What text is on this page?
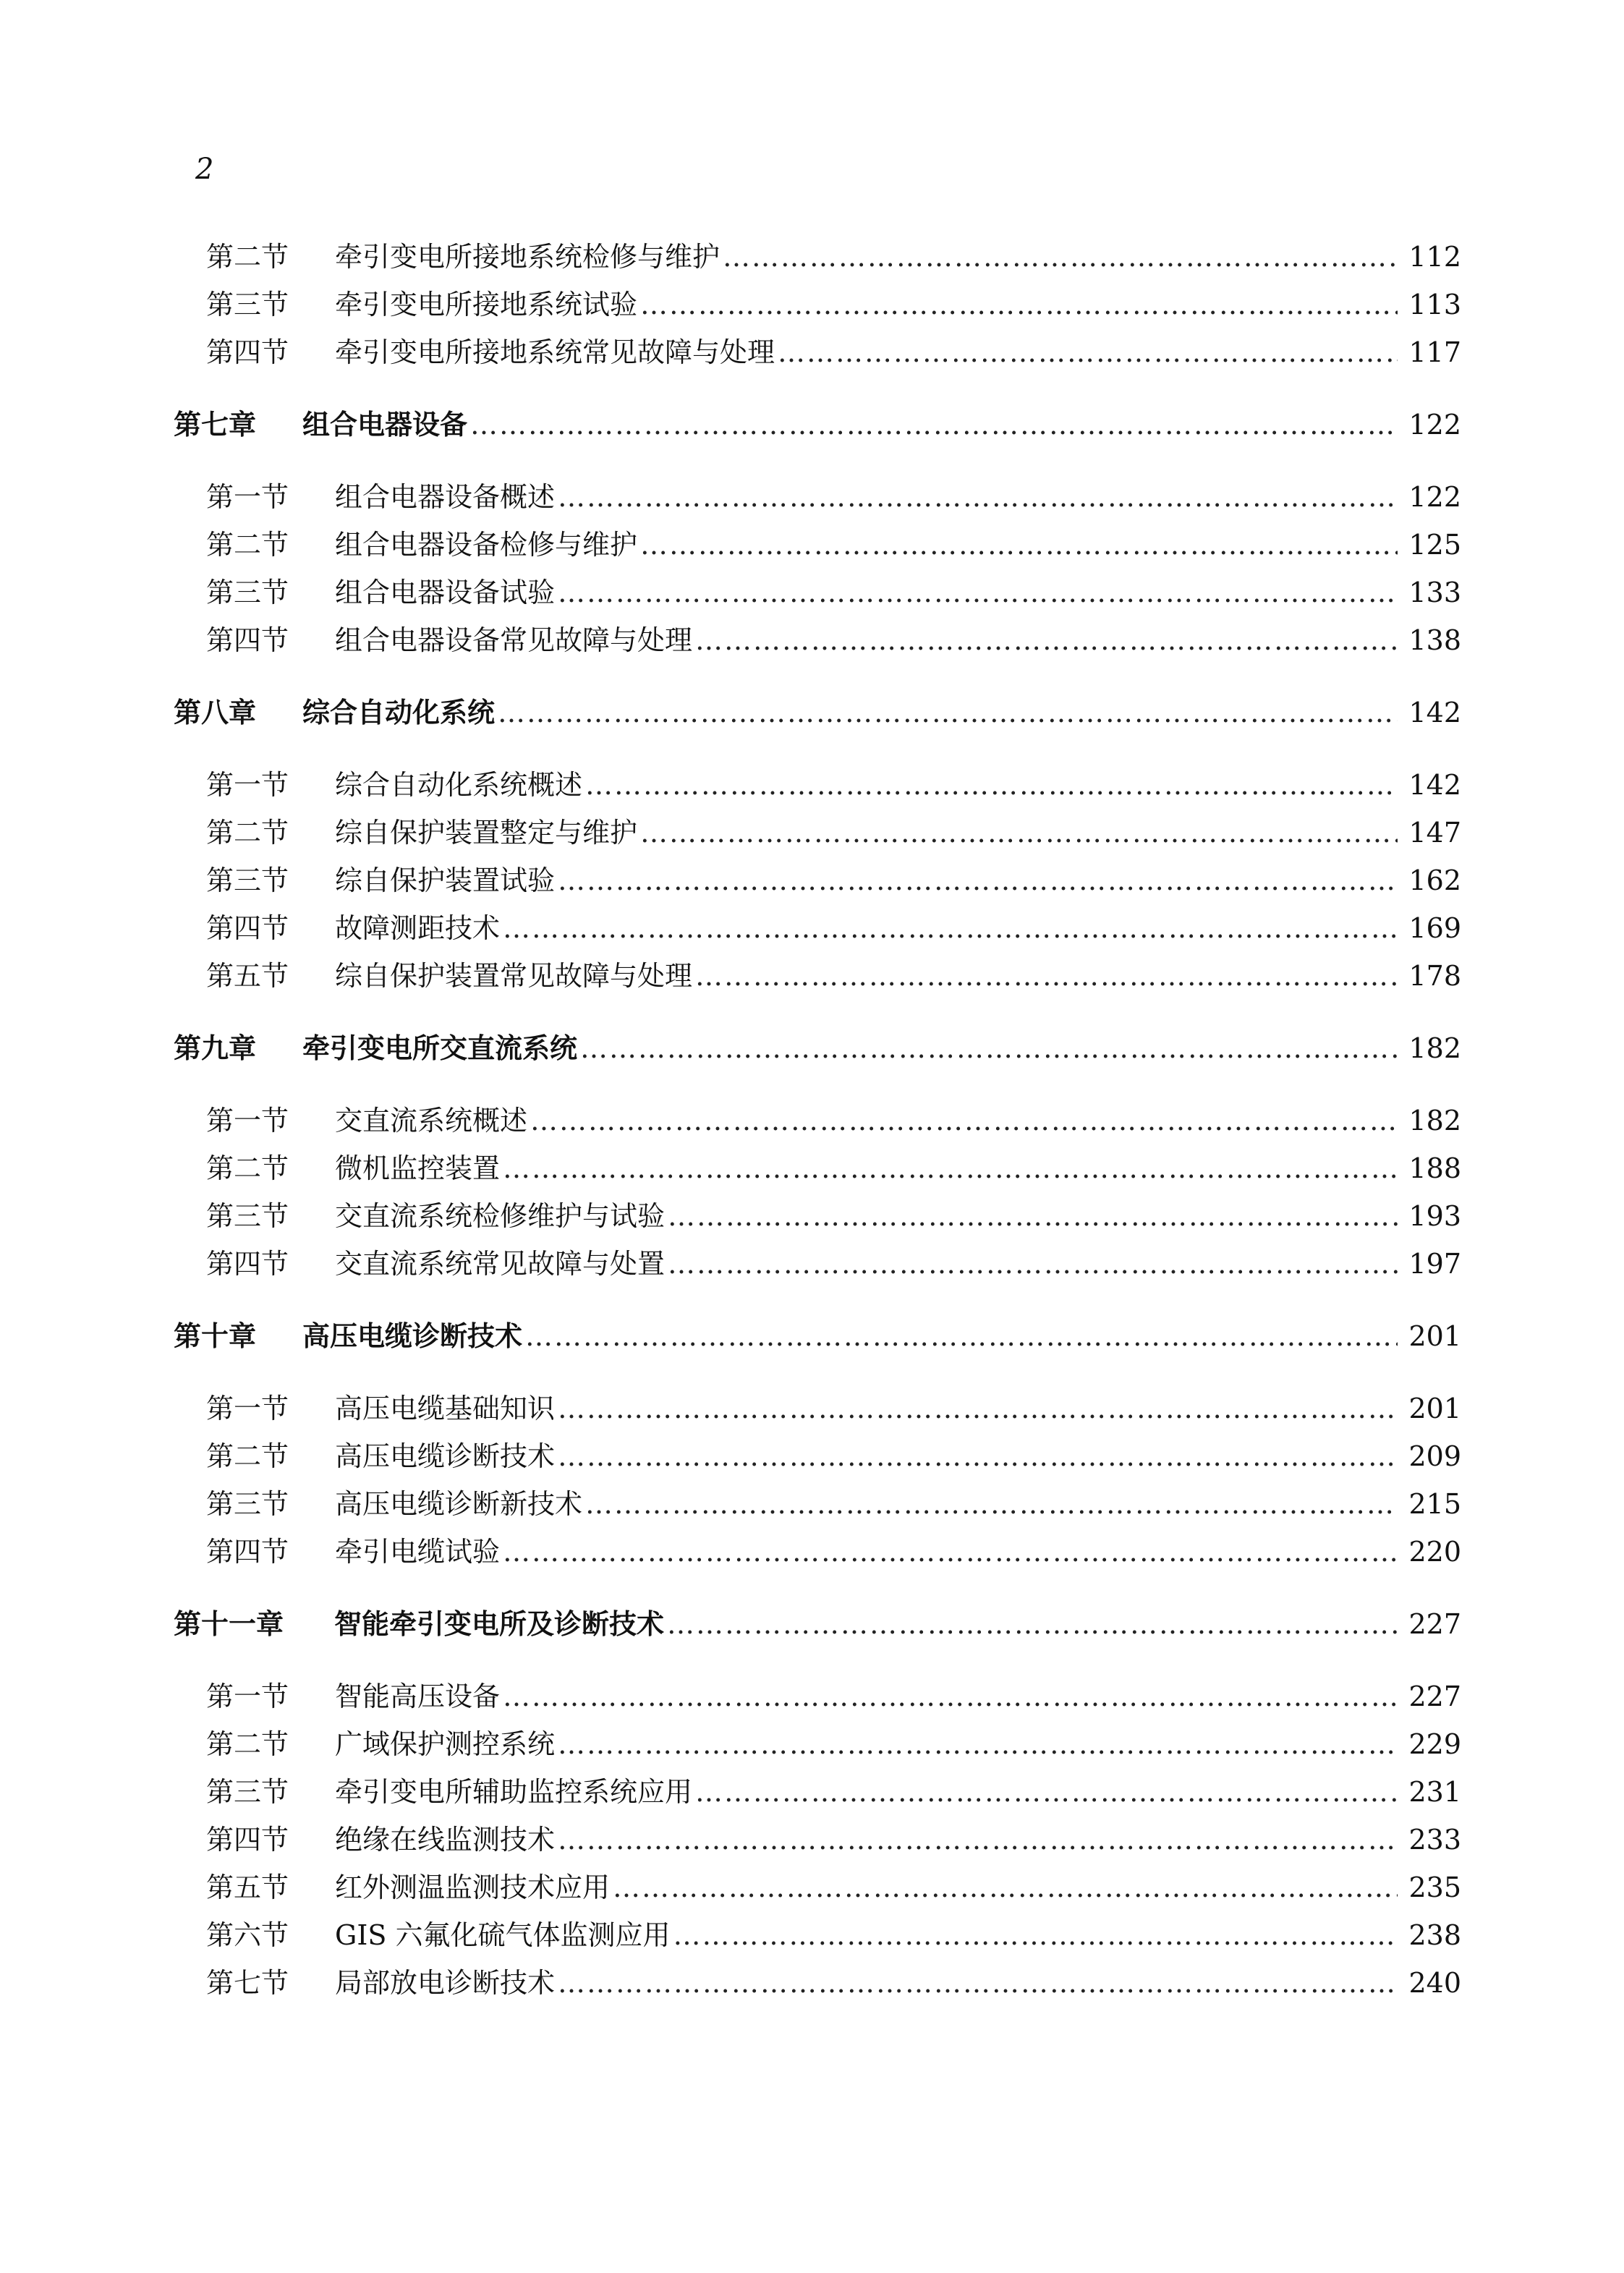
2
第二节	牵引变电所接地系统检修与维护 ………………………………………………………………………………………………………………………………………………………………………………………………………………	112
第三节	牵引变电所接地系统试验 ………………………………………………………………………………………………………………………………………………………………………………………………………………	113
第四节	牵引变电所接地系统常见故障与处理 ………………………………………………………………………………………………………………………………………………………………………………………………………………	117
第七章	组合电器设备 ………………………………………………………………………………………………………………………………………………………………………………………………………………	122
第一节	组合电器设备概述 ………………………………………………………………………………………………………………………………………………………………………………………………………………	122
第二节	组合电器设备检修与维护 ………………………………………………………………………………………………………………………………………………………………………………………………………………	125
第三节	组合电器设备试验 ………………………………………………………………………………………………………………………………………………………………………………………………………………	133
第四节	组合电器设备常见故障与处理 ………………………………………………………………………………………………………………………………………………………………………………………………………………	138
第八章	综合自动化系统 ………………………………………………………………………………………………………………………………………………………………………………………………………………	142
第一节	综合自动化系统概述 ………………………………………………………………………………………………………………………………………………………………………………………………………………	142
第二节	综自保护装置整定与维护 ………………………………………………………………………………………………………………………………………………………………………………………………………………	147
第三节	综自保护装置试验 ………………………………………………………………………………………………………………………………………………………………………………………………………………	162
第四节	故障测距技术 ………………………………………………………………………………………………………………………………………………………………………………………………………………	169
第五节	综自保护装置常见故障与处理 ………………………………………………………………………………………………………………………………………………………………………………………………………………	178
第九章	牵引变电所交直流系统 ………………………………………………………………………………………………………………………………………………………………………………………………………………	182
第一节	交直流系统概述 ………………………………………………………………………………………………………………………………………………………………………………………………………………	182
第二节	微机监控装置 ………………………………………………………………………………………………………………………………………………………………………………………………………………	188
第三节	交直流系统检修维护与试验 ………………………………………………………………………………………………………………………………………………………………………………………………………………	193
第四节	交直流系统常见故障与处置 ………………………………………………………………………………………………………………………………………………………………………………………………………………	197
第十章	高压电缆诊断技术 ………………………………………………………………………………………………………………………………………………………………………………………………………………	201
第一节	高压电缆基础知识 ………………………………………………………………………………………………………………………………………………………………………………………………………………	201
第二节	高压电缆诊断技术 ………………………………………………………………………………………………………………………………………………………………………………………………………………	209
第三节	高压电缆诊断新技术 ………………………………………………………………………………………………………………………………………………………………………………………………………………	215
第四节	牵引电缆试验 ………………………………………………………………………………………………………………………………………………………………………………………………………………	220
第十一章	智能牵引变电所及诊断技术 ………………………………………………………………………………………………………………………………………………………………………………………………………………	227
第一节	智能高压设备 ………………………………………………………………………………………………………………………………………………………………………………………………………………	227
第二节	广域保护测控系统 ………………………………………………………………………………………………………………………………………………………………………………………………………………	229
第三节	牵引变电所辅助监控系统应用 ………………………………………………………………………………………………………………………………………………………………………………………………………………	231
第四节	绝缘在线监测技术 ………………………………………………………………………………………………………………………………………………………………………………………………………………	233
第五节	红外测温监测技术应用 ………………………………………………………………………………………………………………………………………………………………………………………………………………	235
第六节	GIS 六氟化硫气体监测应用 ………………………………………………………………………………………………………………………………………………………………………………………………………………	238
第七节	局部放电诊断技术 ………………………………………………………………………………………………………………………………………………………………………………………………………………	240
